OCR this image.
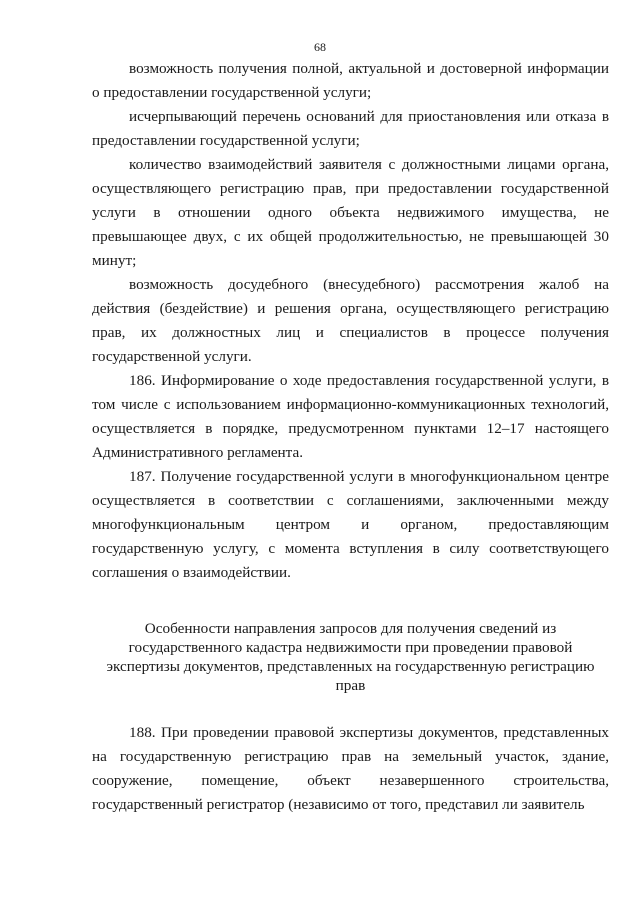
68

возможность получения полной, актуальной и достоверной информации о предоставлении государственной услуги;

исчерпывающий перечень оснований для приостановления или отказа в предоставлении государственной услуги;

количество взаимодействий заявителя с должностными лицами органа, осуществляющего регистрацию прав, при предоставлении государственной услуги в отношении одного объекта недвижимого имущества, не превышающее двух, с их общей продолжительностью, не превышающей 30 минут;

возможность досудебного (внесудебного) рассмотрения жалоб на действия (бездействие) и решения органа, осуществляющего регистрацию прав, их должностных лиц и специалистов в процессе получения государственной услуги.

186. Информирование о ходе предоставления государственной услуги, в том числе с использованием информационно-коммуникационных технологий, осуществляется в порядке, предусмотренном пунктами 12–17 настоящего Административного регламента.

187. Получение государственной услуги в многофункциональном центре осуществляется в соответствии с соглашениями, заключенными между многофункциональным центром и органом, предоставляющим государственную услугу, с момента вступления в силу соответствующего соглашения о взаимодействии.

Особенности направления запросов для получения сведений из государственного кадастра недвижимости при проведении правовой экспертизы документов, представленных на государственную регистрацию прав

188. При проведении правовой экспертизы документов, представленных на государственную регистрацию прав на земельный участок, здание, сооружение, помещение, объект незавершенного строительства, государственный регистратор (независимо от того, представил ли заявитель
